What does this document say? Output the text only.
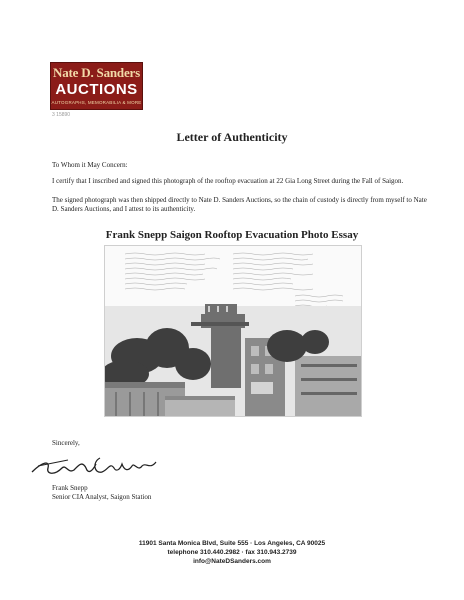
Nate D. Sanders
AUCTIONS
AUTOGRAPHS, MEMORABILIA & MORE
3 15890
Letter of Authenticity
To Whom it May Concern:
I certify that I inscribed and signed this photograph of the rooftop evacuation at 22 Gia Long Street during the Fall of Saigon.
The signed photograph was then shipped directly to Nate D. Sanders Auctions, so the chain of custody is directly from myself to Nate D. Sanders Auctions, and I attest to its authenticity.
Frank Snepp Saigon Rooftop Evacuation Photo Essay
Sincerely,
Frank Snepp
Senior CIA Analyst, Saigon Station
11901 Santa Monica Blvd, Suite 555 · Los Angeles, CA 90025
telephone 310.440.2982 · fax 310.943.2739
info@NateDSanders.com
